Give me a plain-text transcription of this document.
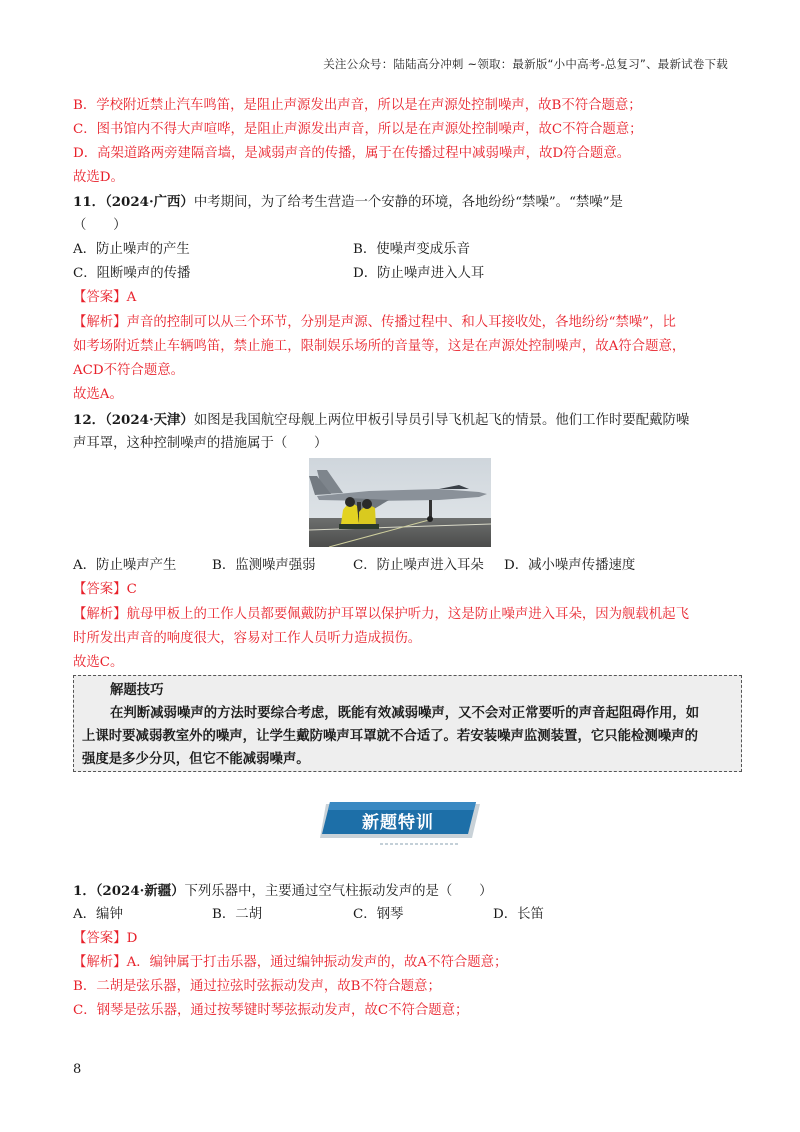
关注公众号：陆陆高分冲刺 ~领取：最新版“小中高考-总复习”、最新试卷下载
B．学校附近禁止汽车鸣笛，是阻止声源发出声音，所以是在声源处控制噪声，故B不符合题意；
C．图书馆内不得大声喧哗，是阻止声源发出声音，所以是在声源处控制噪声，故C不符合题意；
D．高架道路两旁建隔音墙，是减弱声音的传播，属于在传播过程中减弱噪声，故D符合题意。
故选D。
11．（2024·广西）中考期间，为了给考生营造一个安静的环境，各地纷纷“禁噪”。“禁噪”是
（　　）
A．防止噪声的产生	B．使噪声变成乐音
C．阻断噪声的传播	D．防止噪声进入人耳
【答案】A
【解析】声音的控制可以从三个环节，分别是声源、传播过程中、和人耳接收处，各地纷纷“禁噪”，比
如考场附近禁止车辆鸣笛，禁止施工，限制娱乐场所的音量等，这是在声源处控制噪声，故A符合题意，
ACD不符合题意。
故选A。
12．（2024·天津）如图是我国航空母舰上两位甲板引导员引导飞机起飞的情景。他们工作时要配戴防噪
声耳罩，这种控制噪声的措施属于（　　）
A．防止噪声产生	B．监测噪声强弱	C．防止噪声进入耳朵 D．减小噪声传播速度
【答案】C
【解析】航母甲板上的工作人员都要佩戴防护耳罩以保护听力，这是防止噪声进入耳朵，因为舰载机起飞
时所发出声音的响度很大，容易对工作人员听力造成损伤。
故选C。
解题技巧
在判断减弱噪声的方法时要综合考虑，既能有效减弱噪声，又不会对正常要听的声音起阻碍作用，如
上课时要减弱教室外的噪声，让学生戴防噪声耳罩就不合适了。若安装噪声监测装置，它只能检测噪声的
强度是多少分贝，但它不能减弱噪声。
新题特训
1．（2024·新疆）下列乐器中，主要通过空气柱振动发声的是（　　）
A．编钟	B．二胡	C．钢琴	D．长笛
【答案】D
【解析】A．编钟属于打击乐器，通过编钟振动发声的，故A不符合题意；
B．二胡是弦乐器，通过拉弦时弦振动发声，故B不符合题意；
C．钢琴是弦乐器，通过按琴键时琴弦振动发声，故C不符合题意；
8
